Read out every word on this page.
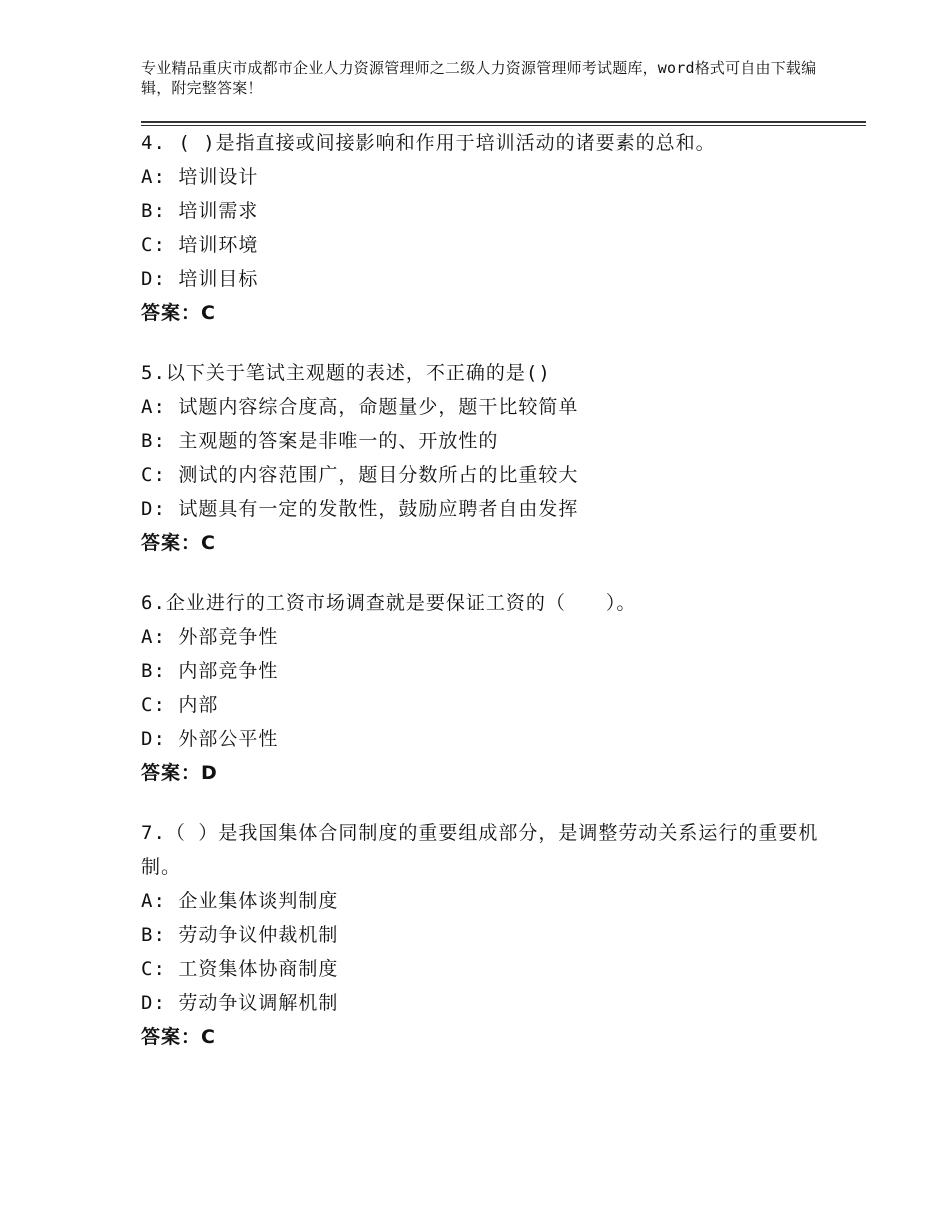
专业精品重庆市成都市企业人力资源管理师之二级人力资源管理师考试题库，word格式可自由下载编辑，附完整答案！
4. ( )是指直接或间接影响和作用于培训活动的诸要素的总和。
A: 培训设计
B: 培训需求
C: 培训环境
D: 培训目标
答案：C
5.以下关于笔试主观题的表述，不正确的是()
A: 试题内容综合度高，命题量少，题干比较简单
B: 主观题的答案是非唯一的、开放性的
C: 测试的内容范围广，题目分数所占的比重较大
D: 试题具有一定的发散性，鼓励应聘者自由发挥
答案：C
6.企业进行的工资市场调查就是要保证工资的（　　）。
A: 外部竞争性
B: 内部竞争性
C: 内部
D: 外部公平性
答案：D
7.（ ）是我国集体合同制度的重要组成部分，是调整劳动关系运行的重要机制。
A: 企业集体谈判制度
B: 劳动争议仲裁机制
C: 工资集体协商制度
D: 劳动争议调解机制
答案：C
